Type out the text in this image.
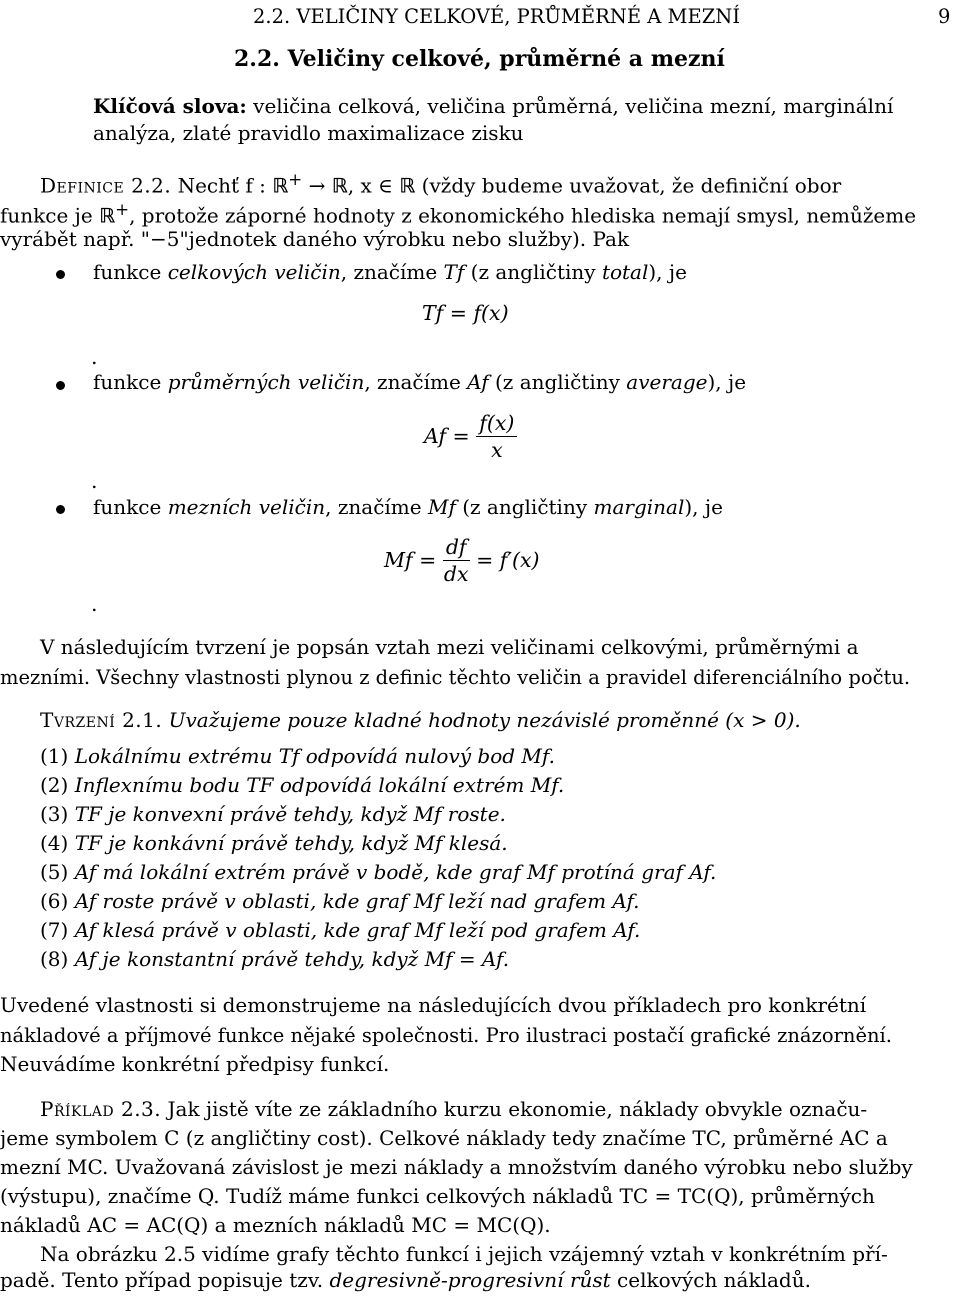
2.2. VELIČINY CELKOVÉ, PRŮMĚRNÉ A MEZNÍ	9
2.2. Veličiny celkové, průměrné a mezní
Klíčová slova: veličina celková, veličina průměrná, veličina mezní, marginální
analýza, zlaté pravidlo maximalizace zisku
Definice 2.2. Nechť f : ℝ+ → ℝ, x ∈ ℝ (vždy budeme uvažovat, že definiční obor
funkce je ℝ+, protože záporné hodnoty z ekonomického hlediska nemají smysl, nemůžeme
vyrábět např. "−5"jednotek daného výrobku nebo služby). Pak
funkce celkových veličin, značíme Tf (z angličtiny total), je
Tf = f(x)
.
funkce průměrných veličin, značíme Af (z angličtiny average), je
$Af = \frac{f(x)}{x}$
.
funkce mezních veličin, značíme Mf (z angličtiny marginal), je
$Mf = \frac{df}{dx} = f'(x)$
.
V následujícím tvrzení je popsán vztah mezi veličinami celkovými, průměrnými a
mezními. Všechny vlastnosti plynou z definic těchto veličin a pravidel diferenciálního počtu.
Tvrzení 2.1. Uvažujeme pouze kladné hodnoty nezávislé proměnné (x > 0).
(1) Lokálnímu extrému Tf odpovídá nulový bod Mf.
(2) Inflexnímu bodu TF odpovídá lokální extrém Mf.
(3) TF je konvexní právě tehdy, když Mf roste.
(4) TF je konkávní právě tehdy, když Mf klesá.
(5) Af má lokální extrém právě v bodě, kde graf Mf protíná graf Af.
(6) Af roste právě v oblasti, kde graf Mf leží nad grafem Af.
(7) Af klesá právě v oblasti, kde graf Mf leží pod grafem Af.
(8) Af je konstantní právě tehdy, když Mf = Af.
Uvedené vlastnosti si demonstrujeme na následujících dvou příkladech pro konkrétní
nákladové a příjmové funkce nějaké společnosti. Pro ilustraci postačí grafické znázornění.
Neuvádíme konkrétní předpisy funkcí.
Příklad 2.3. Jak jistě víte ze základního kurzu ekonomie, náklady obvykle označu-
jeme symbolem C (z angličtiny cost). Celkové náklady tedy značíme TC, průměrné AC a
mezní MC. Uvažovaná závislost je mezi náklady a množstvím daného výrobku nebo služby
(výstupu), značíme Q. Tudíž máme funkci celkových nákladů TC = TC(Q), průměrných
nákladů AC = AC(Q) a mezních nákladů MC = MC(Q).
Na obrázku 2.5 vidíme grafy těchto funkcí i jejich vzájemný vztah v konkrétním pří-
padě. Tento případ popisuje tzv. degresivně-progresivní růst celkových nákladů.
